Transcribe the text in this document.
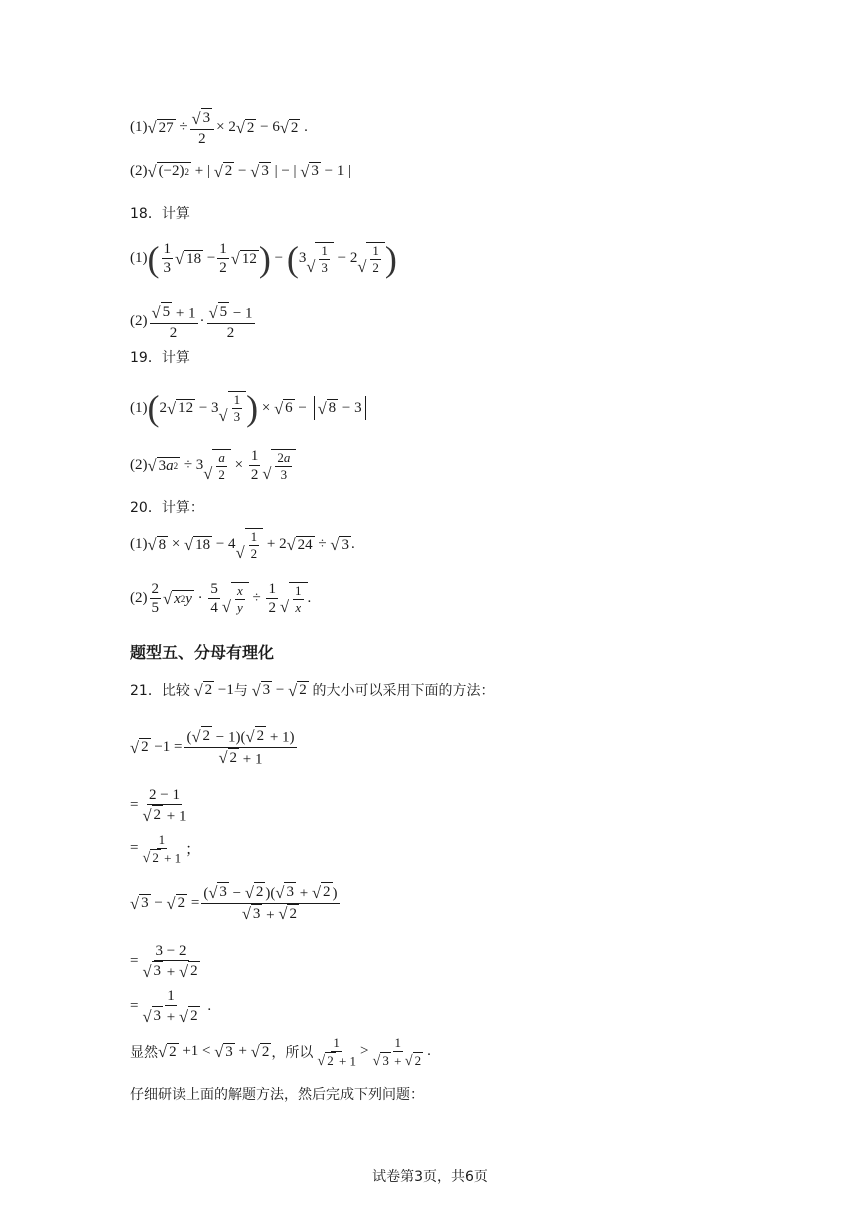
(1) √ $27 \div \frac{√ 3}{2} \times 2$ √ 2 − 6 √ 2 .
(2) √ (−2) 2 + | √ 2 − √ 3 | − | √ 3 − 1 |
18．计算
(1) ( $\frac{1}{3}$ √ $18 - \frac{1}{2}$ √ 12 ) − ( 3 √ $\frac{1}{3} - 2$ √ $\frac{1}{2}$ )
$(2) \frac{√ 5 + 1}{2} \cdot \frac{√ 5 - 1}{2}$
19．计算
(1) ( 2 √ 12 − 3 √ $\frac{1}{3}$ ) × √ 6 − √ 8 − 3
(2) √ 3 a 2 ÷ 3 √ $\frac{a}{2} \times \frac{1}{2}$ √ $\frac{2a}{3}$
20．计算：
(1) √ 8 × √ 18 − 4 √ $\frac{1}{2} + 2$ √ 24 ÷ √ 3 .
$(2) \frac{2}{5}$ √ x 2 $y \cdot \frac{5}{4}$ √ $\frac{x}{y} \div \frac{1}{2}$ √ $\frac{1}{x}$ .
题型五、分母有理化
21．比较
√ 2 −1 与
√ 3 − √ 2
的大小可以采用下面的方法：
√ $2 -1 = \frac{( √ 2 - 1)( √ 2 + 1)}{√ 2 + 1}$
= $\frac{2 - 1}{√ 2 + 1}$
= $\frac{1}{√ 2 + 1}$ ；
√ 3 − √ $2 = \frac{( √ 3 - √ 2 )( √ 3 + √ 2 )}{√ 3 + √ 2}$
= $\frac{3 - 2}{√ 3 + √ 2}$
= $\frac{1}{√ 3 + √ 2}$ .
显然 √ 2 +1 < √ 3 + √ 2 ，所以 $\frac{1}{√ 2 + 1} > \frac{1}{√ 3 + √ 2}$ .
仔细研读上面的解题方法，然后完成下列问题：
试卷第3页，共6页
